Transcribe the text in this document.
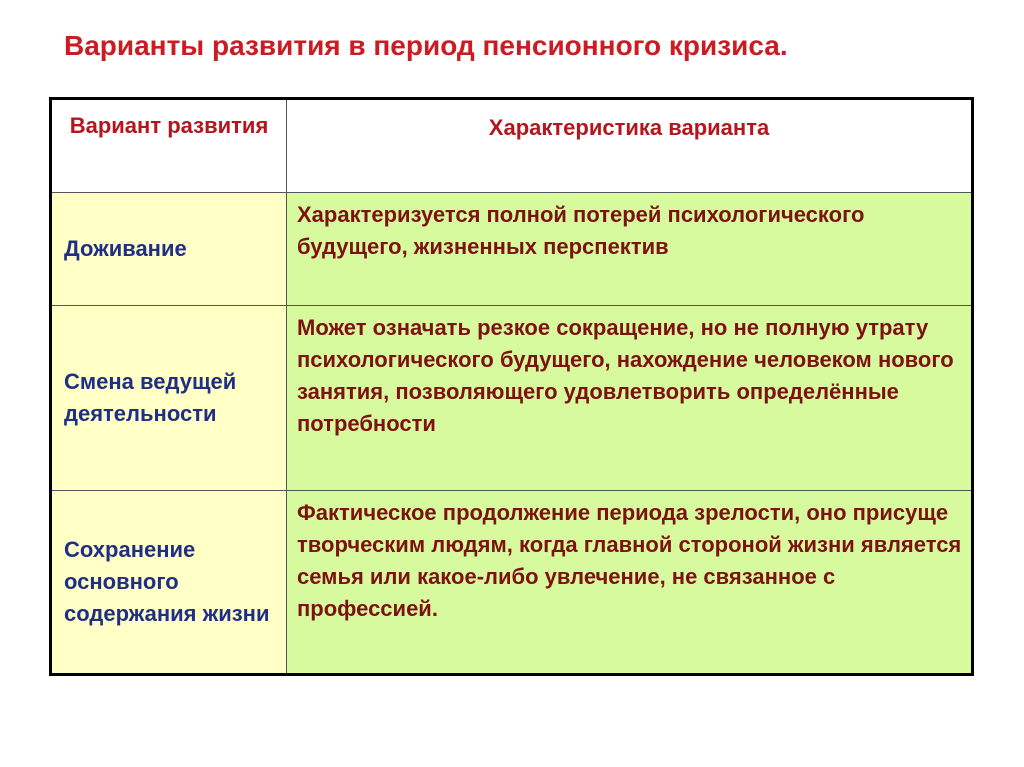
Варианты развития в период пенсионного кризиса.
Вариант развития	Характеристика варианта
Доживание	Характеризуется полной потерей психологического будущего, жизненных перспектив
Смена ведущей деятельности	Может означать резкое сокращение, но не полную утрату психологического будущего, нахождение человеком нового занятия, позволяющего удовлетворить определённые потребности
Сохранение основного содержания жизни	Фактическое продолжение периода зрелости, оно присуще творческим людям, когда главной стороной жизни является семья или какое-либо увлечение, не связанное с профессией.
